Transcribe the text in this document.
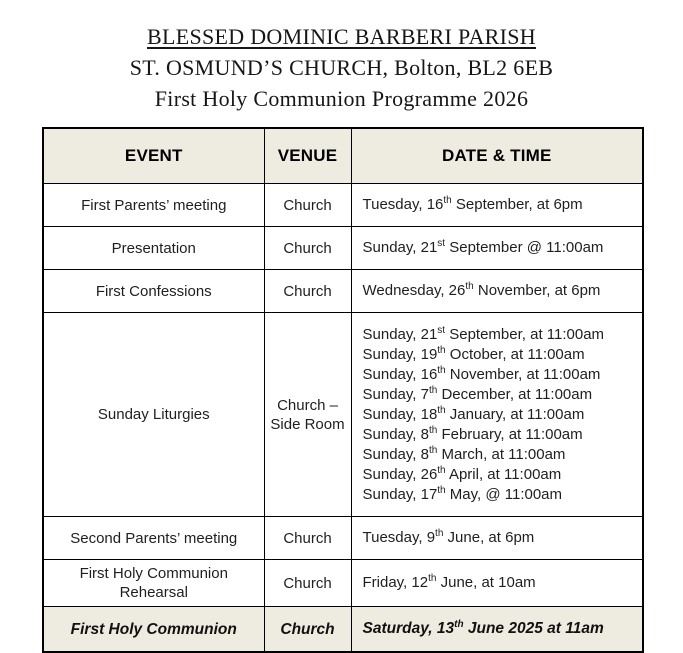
BLESSED DOMINIC BARBERI PARISH
ST. OSMUND’S CHURCH, Bolton, BL2 6EB
First Holy Communion Programme 2026
EVENT	VENUE	DATE & TIME
First Parents’ meeting	Church	Tuesday, 16th September, at 6pm

Presentation	Church	Sunday, 21st September @ 11:00am

First Confessions	Church	Wednesday, 26th November, at 6pm

Sunday Liturgies	Church – Side Room	
Sunday, 21st September, at 11:00am
Sunday, 19th October, at 11:00am
Sunday, 16th November, at 11:00am
Sunday, 7th December, at 11:00am
Sunday, 18th January, at 11:00am
Sunday, 8th February, at 11:00am
Sunday, 8th March, at 11:00am
Sunday, 26th April, at 11:00am
Sunday, 17th May, @ 11:00am

Second Parents’ meeting	Church	Tuesday, 9th June, at 6pm

First Holy Communion Rehearsal	Church	Friday, 12th June, at 10am

First Holy Communion	Church	Saturday, 13th June 2025 at 11am
